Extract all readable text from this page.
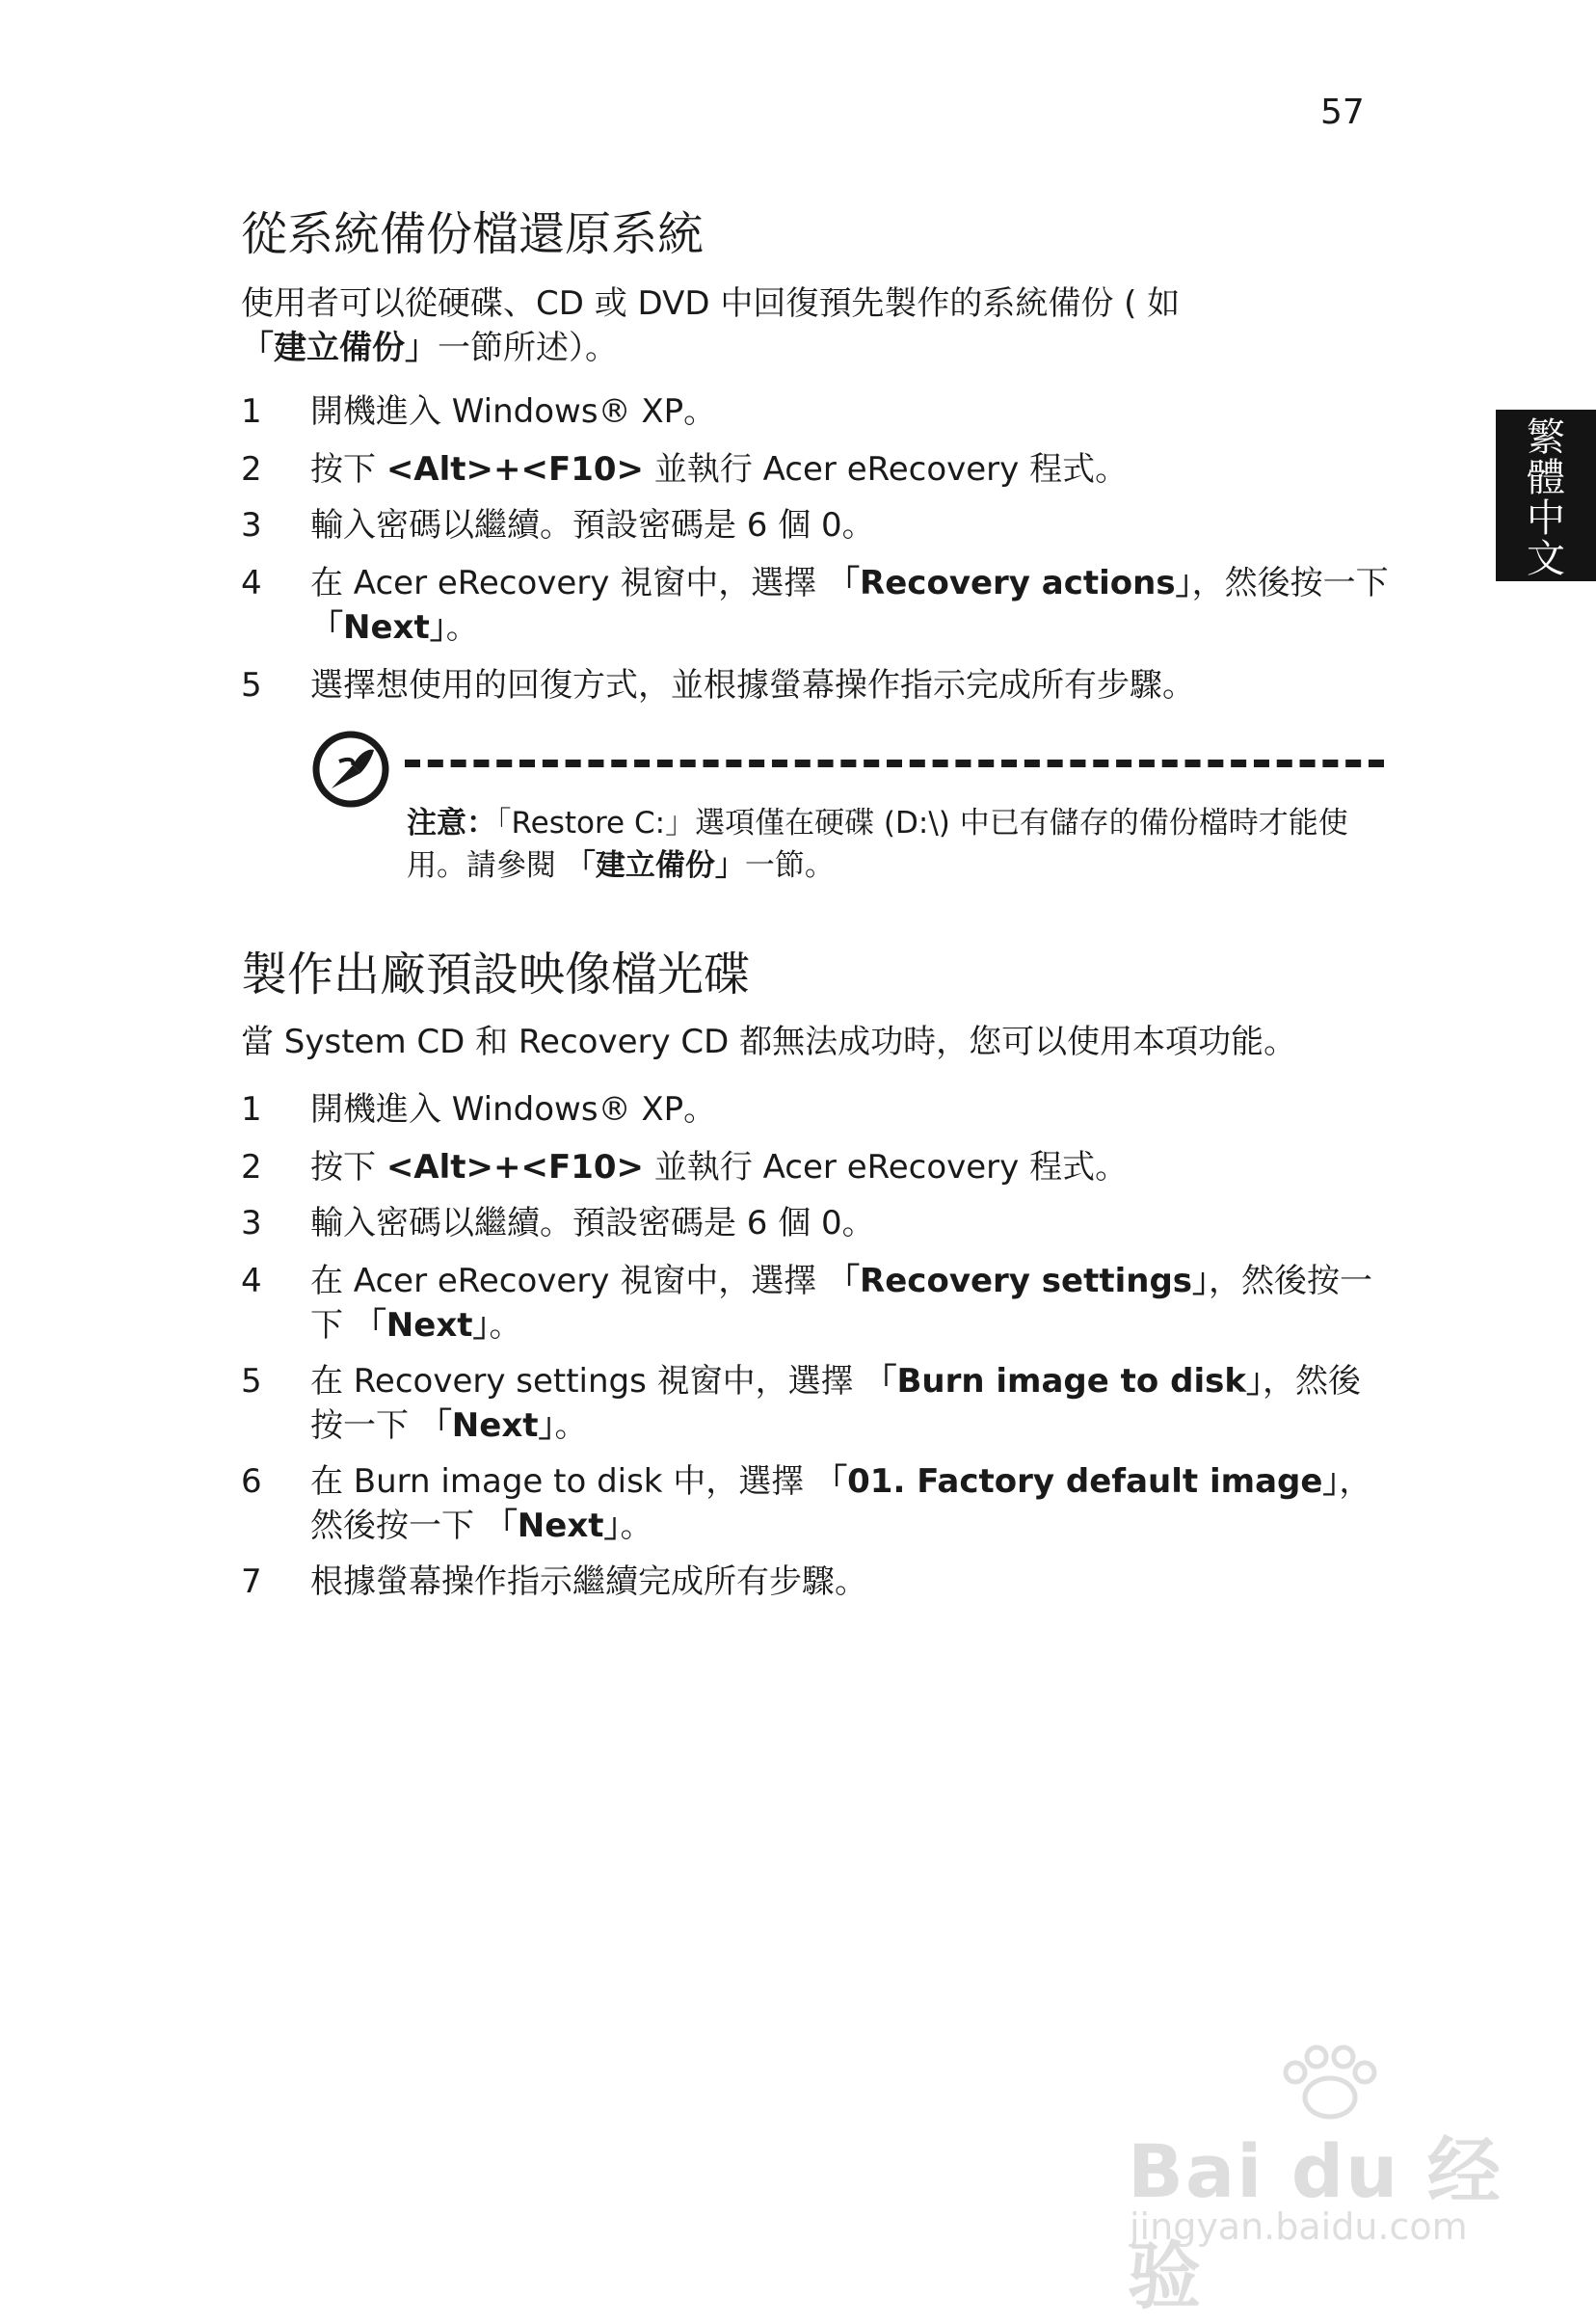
57
繁
體
中
文
從系統備份檔還原系統
使用者可以從硬碟、CD 或 DVD 中回復預先製作的系統備份 ( 如 「建立備份」一節所述）。
1	開機進入 Windows® XP。
2	按下 <Alt>+<F10> 並執行 Acer eRecovery 程式。
3	輸入密碼以繼續。預設密碼是 6 個 0。
4	在 Acer eRecovery 視窗中，選擇 「Recovery actions」，然後按一下 「Next」。
5	選擇想使用的回復方式，並根據螢幕操作指示完成所有步驟。
注意：「Restore C:」選項僅在硬碟 (D:\) 中已有儲存的備份檔時才能使用。請參閱 「建立備份」一節。
製作出廠預設映像檔光碟
當 System CD 和 Recovery CD 都無法成功時，您可以使用本項功能。
1	開機進入 Windows® XP。
2	按下 <Alt>+<F10> 並執行 Acer eRecovery 程式。
3	輸入密碼以繼續。預設密碼是 6 個 0。
4	在 Acer eRecovery 視窗中，選擇 「Recovery settings」，然後按一下 「Next」。
5	在 Recovery settings 視窗中，選擇 「Burn image to disk」，然後按一下 「Next」。
6	在 Burn image to disk 中，選擇 「01. Factory default image」，然後按一下 「Next」。
7	根據螢幕操作指示繼續完成所有步驟。
Bai du 经验
jingyan.baidu.com
